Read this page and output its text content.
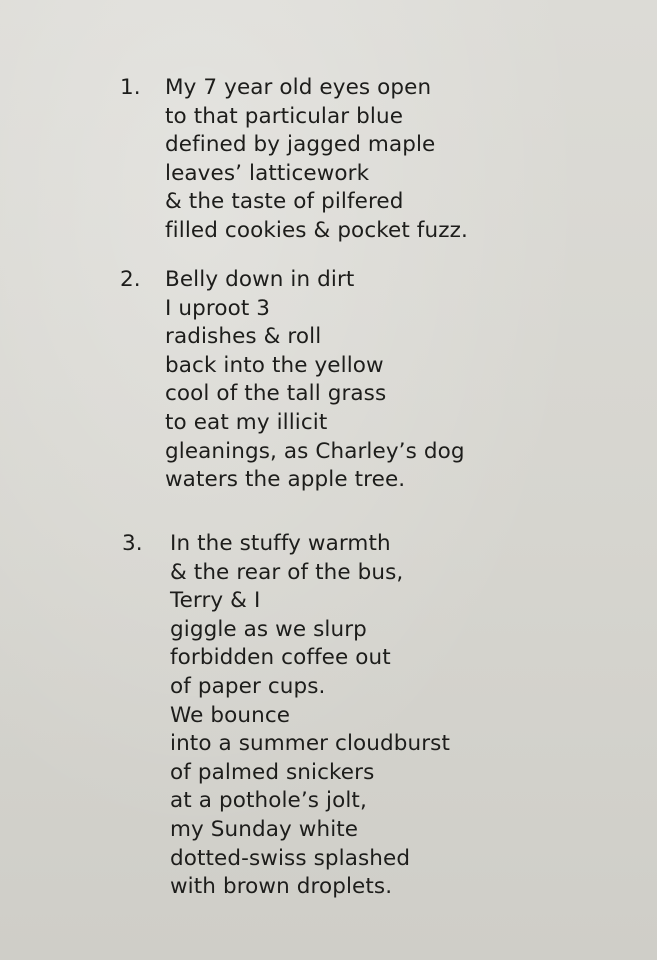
1.	My 7 year old eyes open
to that particular blue
defined by jagged maple
leaves’ latticework
& the taste of pilfered
filled cookies & pocket fuzz.
2.	Belly down in dirt
I uproot 3
radishes & roll
back into the yellow
cool of the tall grass
to eat my illicit
gleanings, as Charley’s dog
waters the apple tree.
3.	In the stuffy warmth
& the rear of the bus,
Terry & I
giggle as we slurp
forbidden coffee out
of paper cups.
We bounce
into a summer cloudburst
of palmed snickers
at a pothole’s jolt,
my Sunday white
dotted-swiss splashed
with brown droplets.
